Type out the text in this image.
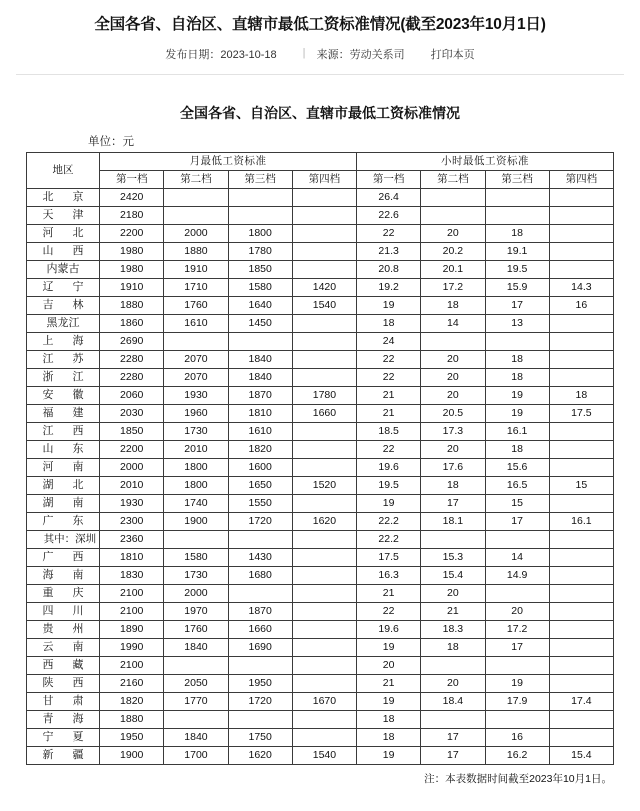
全国各省、自治区、直辖市最低工资标准情况(截至2023年10月1日)
发布日期：2023-10-18 | 来源：劳动关系司 打印本页
全国各省、自治区、直辖市最低工资标准情况
单位：元
地区	月最低工资标准				小时最低工资标准			
	第一档	第二档	第三档	第四档	第一档	第二档	第三档	第四档
北　京	2420				26.4			
天　津	2180				22.6			
河　北	2200	2000	1800		22	20	18	
山　西	1980	1880	1780		21.3	20.2	19.1	
内蒙古	1980	1910	1850		20.8	20.1	19.5	
辽　宁	1910	1710	1580	1420	19.2	17.2	15.9	14.3
吉　林	1880	1760	1640	1540	19	18	17	16
黑龙江	1860	1610	1450		18	14	13	
上　海	2690				24			
江　苏	2280	2070	1840		22	20	18	
浙　江	2280	2070	1840		22	20	18	
安　徽	2060	1930	1870	1780	21	20	19	18
福　建	2030	1960	1810	1660	21	20.5	19	17.5
江　西	1850	1730	1610		18.5	17.3	16.1	
山　东	2200	2010	1820		22	20	18	
河　南	2000	1800	1600		19.6	17.6	15.6	
湖　北	2010	1800	1650	1520	19.5	18	16.5	15
湖　南	1930	1740	1550		19	17	15	
广　东	2300	1900	1720	1620	22.2	18.1	17	16.1
其中：深圳	2360				22.2			
广　西	1810	1580	1430		17.5	15.3	14	
海　南	1830	1730	1680		16.3	15.4	14.9	
重　庆	2100	2000			21	20		
四　川	2100	1970	1870		22	21	20	
贵　州	1890	1760	1660		19.6	18.3	17.2	
云　南	1990	1840	1690		19	18	17	
西　藏	2100				20			
陕　西	2160	2050	1950		21	20	19	
甘　肃	1820	1770	1720	1670	19	18.4	17.9	17.4
青　海	1880				18			
宁　夏	1950	1840	1750		18	17	16	
新　疆	1900	1700	1620	1540	19	17	16.2	15.4
注：本表数据时间截至2023年10月1日。
